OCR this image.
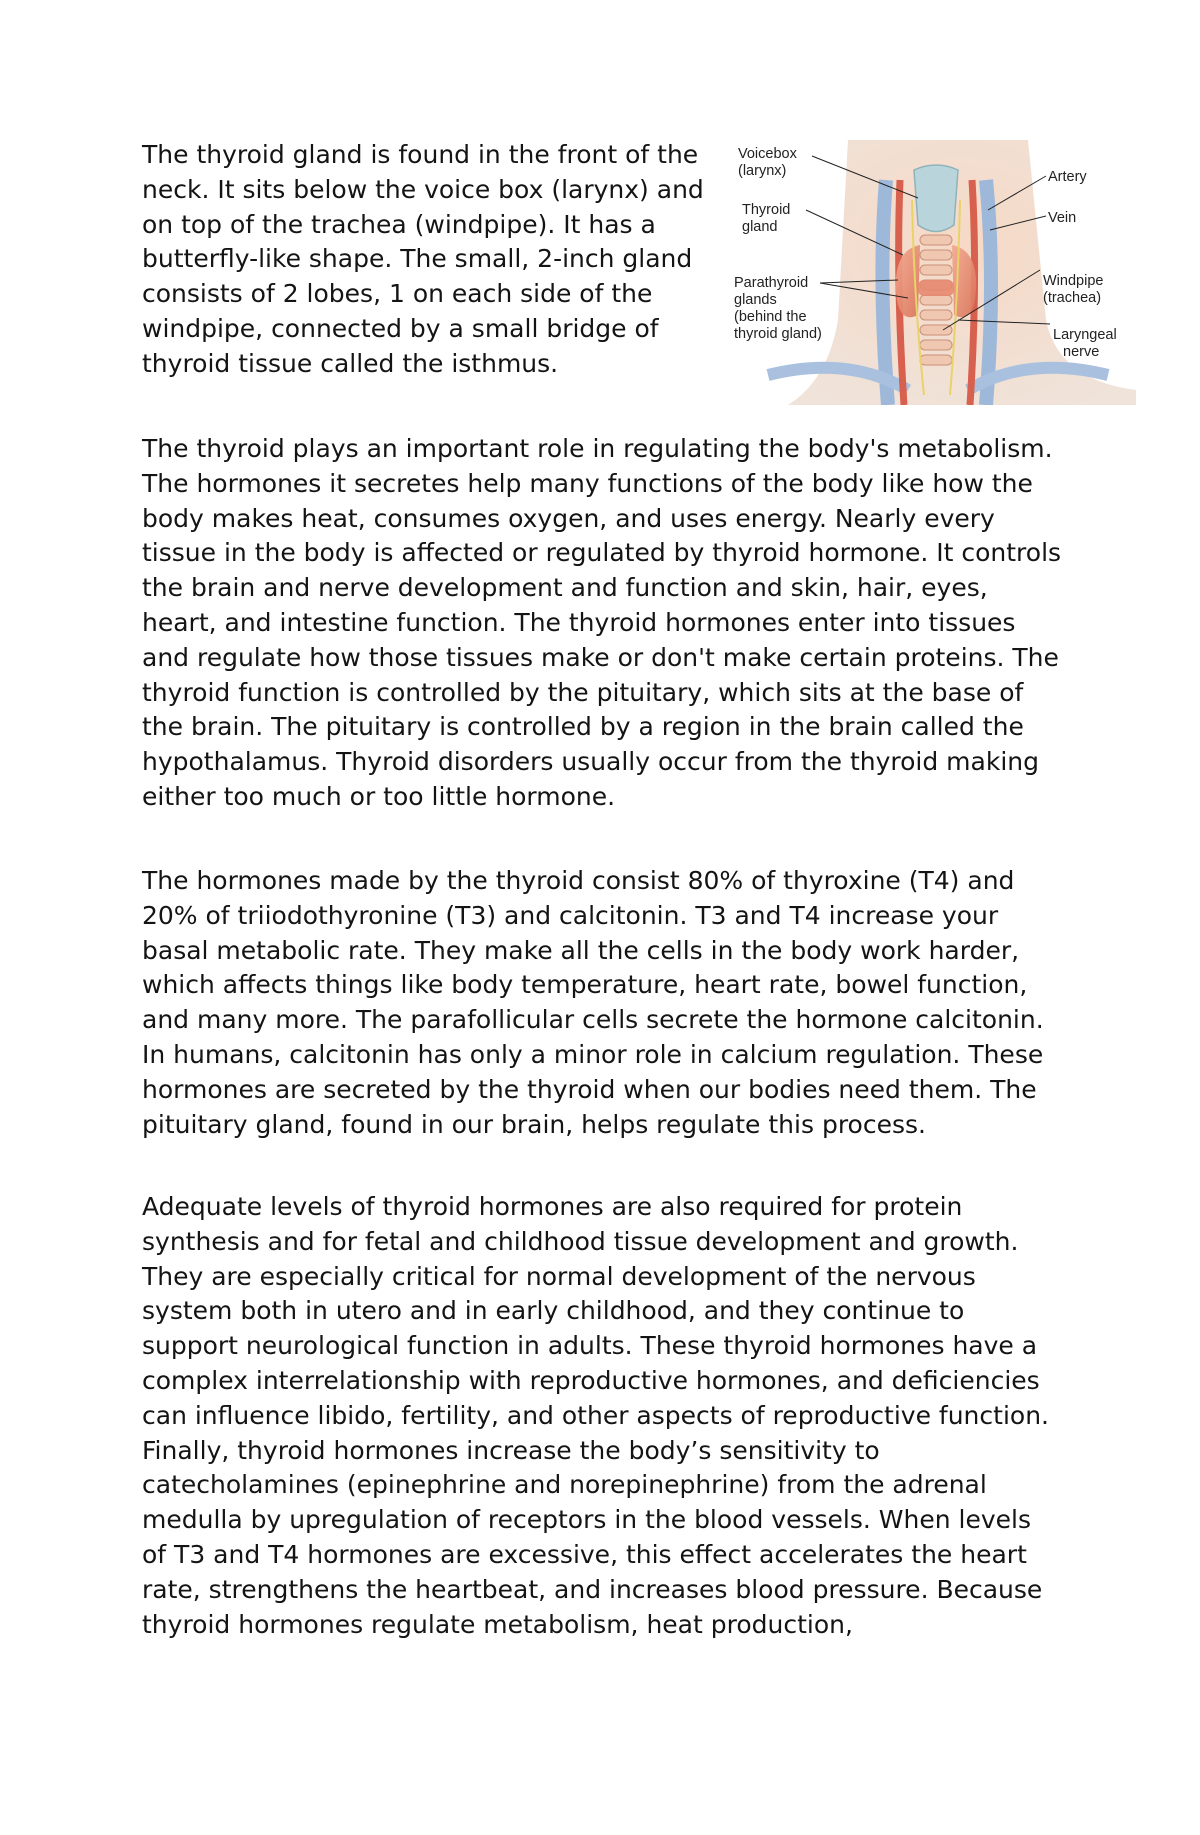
The thyroid gland is found in the front of the neck. It sits below the voice box (larynx) and on top of the trachea (windpipe). It has a butterfly-like shape. The small, 2-inch gland consists of 2 lobes, 1 on each side of the windpipe, connected by a small bridge of thyroid tissue called the isthmus.

Voicebox
(larynx)
Thyroid
gland
Parathyroid
glands
(behind the
thyroid gland)
Artery
Vein
Windpipe
(trachea)
Laryngeal
nerve

The thyroid plays an important role in regulating the body's metabolism. The hormones it secretes help many functions of the body like how the body makes heat, consumes oxygen, and uses energy. Nearly every tissue in the body is affected or regulated by thyroid hormone. It controls the brain and nerve development and function and skin, hair, eyes, heart, and intestine function. The thyroid hormones enter into tissues and regulate how those tissues make or don't make certain proteins. The thyroid function is controlled by the pituitary, which sits at the base of the brain. The pituitary is controlled by a region in the brain called the hypothalamus. Thyroid disorders usually occur from the thyroid making either too much or too little hormone.

The hormones made by the thyroid consist 80% of thyroxine (T4) and 20% of triiodothyronine (T3) and calcitonin. T3 and T4 increase your basal metabolic rate. They make all the cells in the body work harder, which affects things like body temperature, heart rate, bowel function, and many more. The parafollicular cells secrete the hormone calcitonin. In humans, calcitonin has only a minor role in calcium regulation. These hormones are secreted by the thyroid when our bodies need them. The pituitary gland, found in our brain, helps regulate this process.

Adequate levels of thyroid hormones are also required for protein synthesis and for fetal and childhood tissue development and growth. They are especially critical for normal development of the nervous system both in utero and in early childhood, and they continue to support neurological function in adults. These thyroid hormones have a complex interrelationship with reproductive hormones, and deficiencies can influence libido, fertility, and other aspects of reproductive function. Finally, thyroid hormones increase the body’s sensitivity to catecholamines (epinephrine and norepinephrine) from the adrenal medulla by upregulation of receptors in the blood vessels. When levels of T3 and T4 hormones are excessive, this effect accelerates the heart rate, strengthens the heartbeat, and increases blood pressure. Because thyroid hormones regulate metabolism, heat production,
